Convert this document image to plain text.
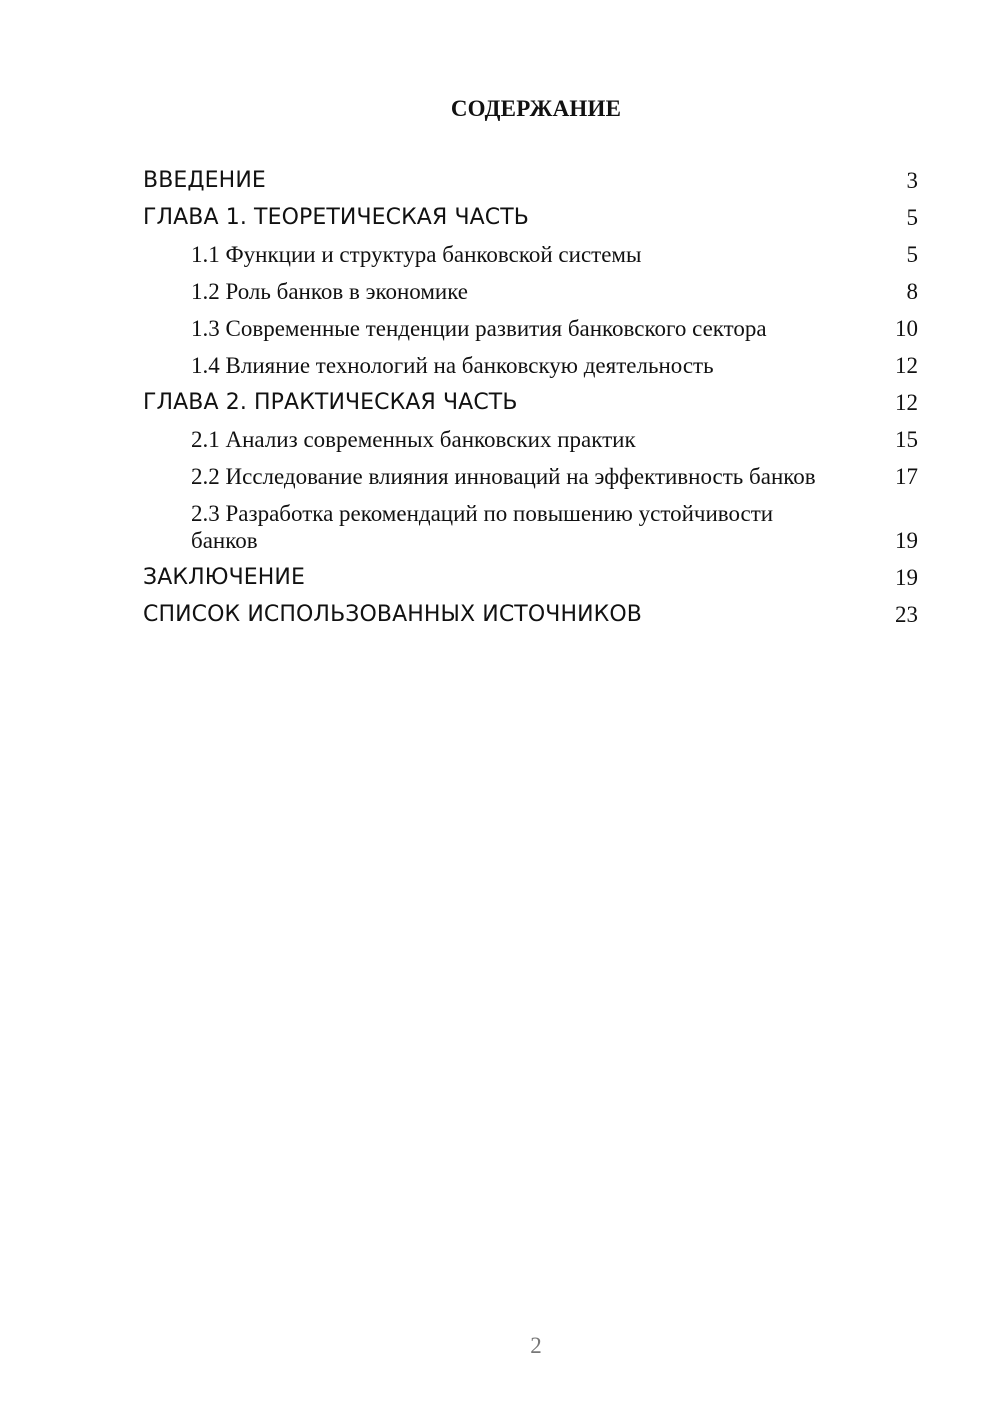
СОДЕРЖАНИЕ
ВВЕДЕНИЕ	3
ГЛАВА 1. ТЕОРЕТИЧЕСКАЯ ЧАСТЬ	5
1.1 Функции и структура банковской системы	5
1.2 Роль банков в экономике	8
1.3 Современные тенденции развития банковского сектора	10
1.4 Влияние технологий на банковскую деятельность	12
ГЛАВА 2. ПРАКТИЧЕСКАЯ ЧАСТЬ	12
2.1 Анализ современных банковских практик	15
2.2 Исследование влияния инноваций на эффективность банков	17
2.3 Разработка рекомендаций по повышению устойчивости банков	19
ЗАКЛЮЧЕНИЕ	19
СПИСОК ИСПОЛЬЗОВАННЫХ ИСТОЧНИКОВ	23
2
